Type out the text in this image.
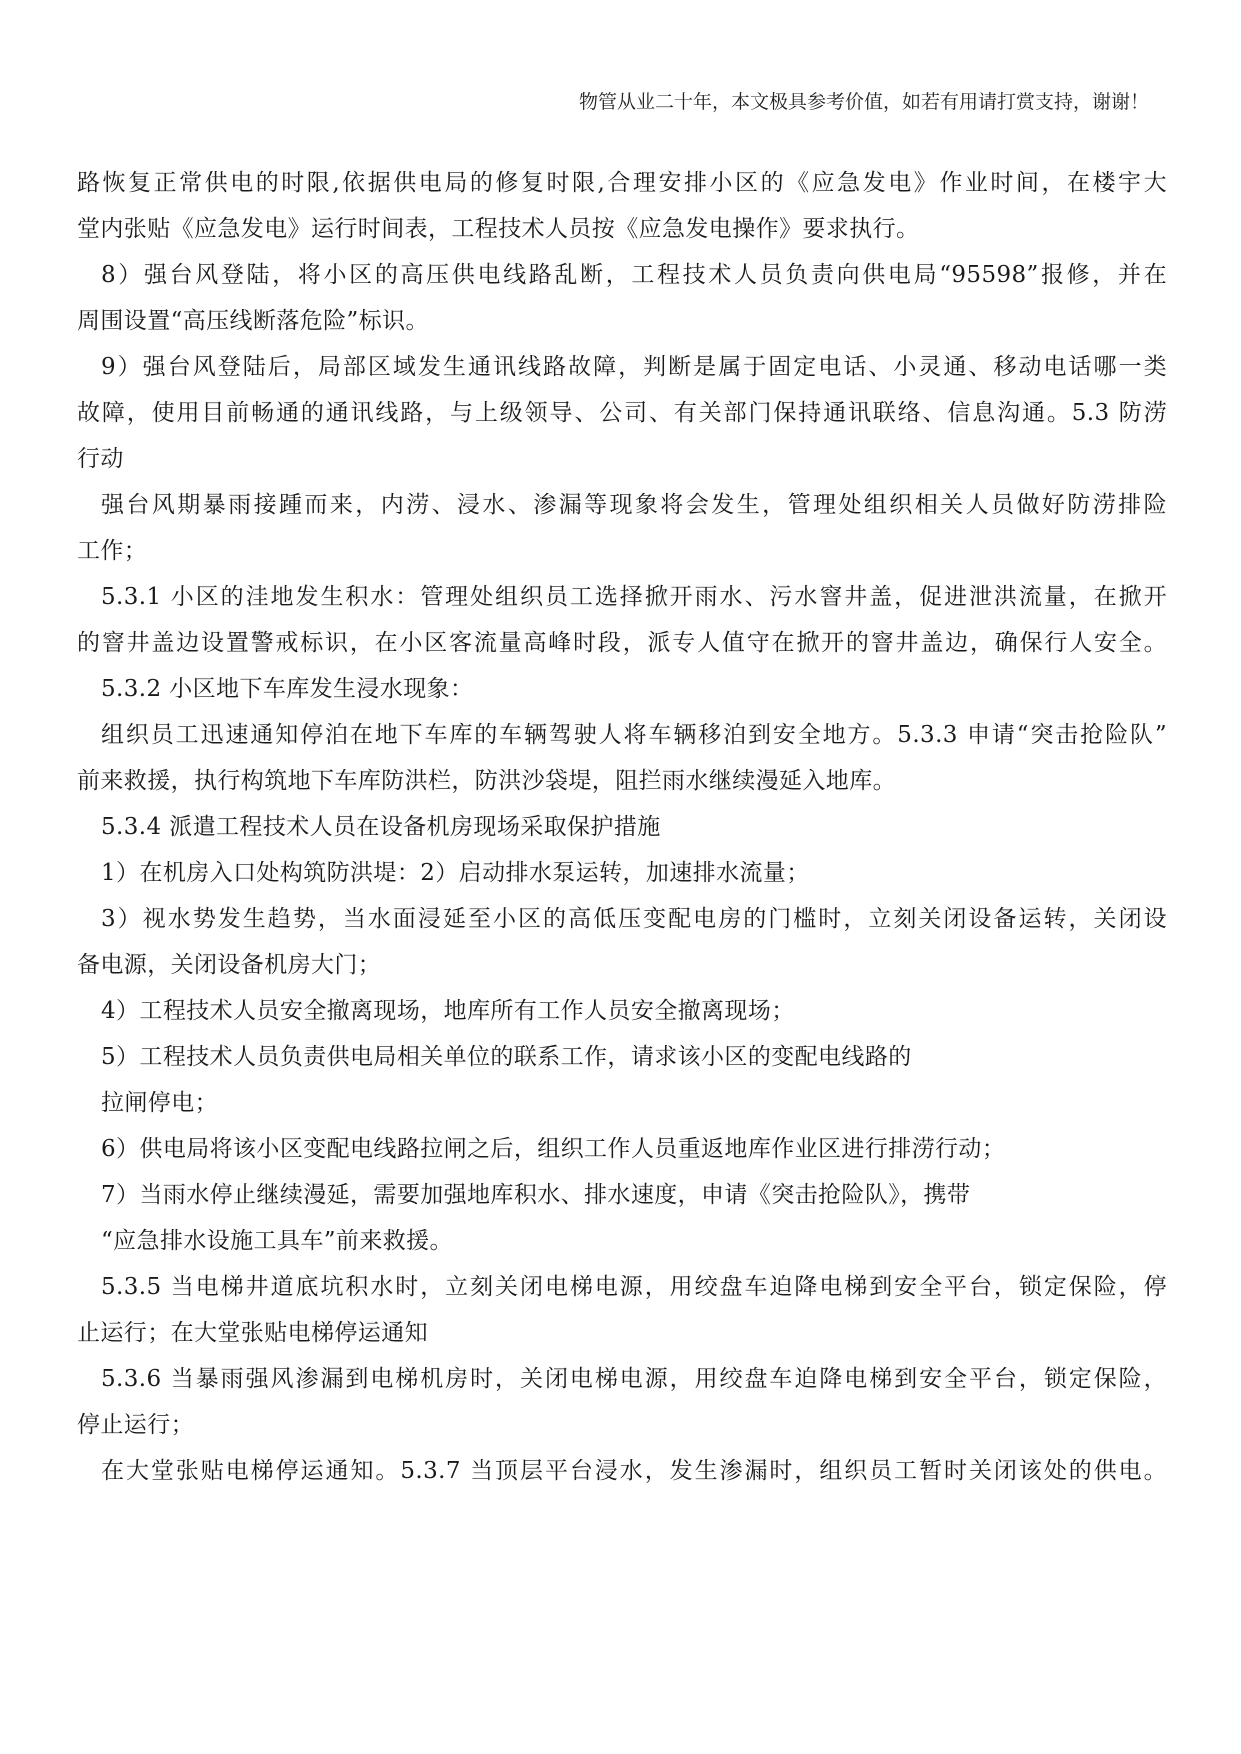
物管从业二十年，本文极具参考价值，如若有用请打赏支持，谢谢！
路恢复正常供电的时限,依据供电局的修复时限,合理安排小区的《应急发电》作业时间，在楼宇大
堂内张贴《应急发电》运行时间表，工程技术人员按《应急发电操作》要求执行。
8）强台风登陆，将小区的高压供电线路乱断，工程技术人员负责向供电局“95598”报修，并在
周围设置“高压线断落危险”标识。
9）强台风登陆后，局部区域发生通讯线路故障，判断是属于固定电话、小灵通、移动电话哪一类
故障，使用目前畅通的通讯线路，与上级领导、公司、有关部门保持通讯联络、信息沟通。5.3 防涝
行动
强台风期暴雨接踵而来，内涝、浸水、渗漏等现象将会发生，管理处组织相关人员做好防涝排险
工作；
5.3.1 小区的洼地发生积水：管理处组织员工选择掀开雨水、污水窨井盖，促进泄洪流量，在掀开
的窨井盖边设置警戒标识，在小区客流量高峰时段，派专人值守在掀开的窨井盖边，确保行人安全。
5.3.2 小区地下车库发生浸水现象：
组织员工迅速通知停泊在地下车库的车辆驾驶人将车辆移泊到安全地方。5.3.3 申请“突击抢险队”
前来救援，执行构筑地下车库防洪栏，防洪沙袋堤，阻拦雨水继续漫延入地库。
5.3.4 派遣工程技术人员在设备机房现场采取保护措施
1）在机房入口处构筑防洪堤：2）启动排水泵运转，加速排水流量；
3）视水势发生趋势，当水面浸延至小区的高低压变配电房的门槛时，立刻关闭设备运转，关闭设
备电源，关闭设备机房大门；
4）工程技术人员安全撤离现场，地库所有工作人员安全撤离现场；
5）工程技术人员负责供电局相关单位的联系工作，请求该小区的变配电线路的
拉闸停电；
6）供电局将该小区变配电线路拉闸之后，组织工作人员重返地库作业区进行排涝行动；
7）当雨水停止继续漫延，需要加强地库积水、排水速度，申请《突击抢险队》，携带
“应急排水设施工具车”前来救援。
5.3.5 当电梯井道底坑积水时，立刻关闭电梯电源，用绞盘车迫降电梯到安全平台，锁定保险，停
止运行；在大堂张贴电梯停运通知
5.3.6 当暴雨强风渗漏到电梯机房时，关闭电梯电源，用绞盘车迫降电梯到安全平台，锁定保险，
停止运行；
在大堂张贴电梯停运通知。5.3.7 当顶层平台浸水，发生渗漏时，组织员工暂时关闭该处的供电。
